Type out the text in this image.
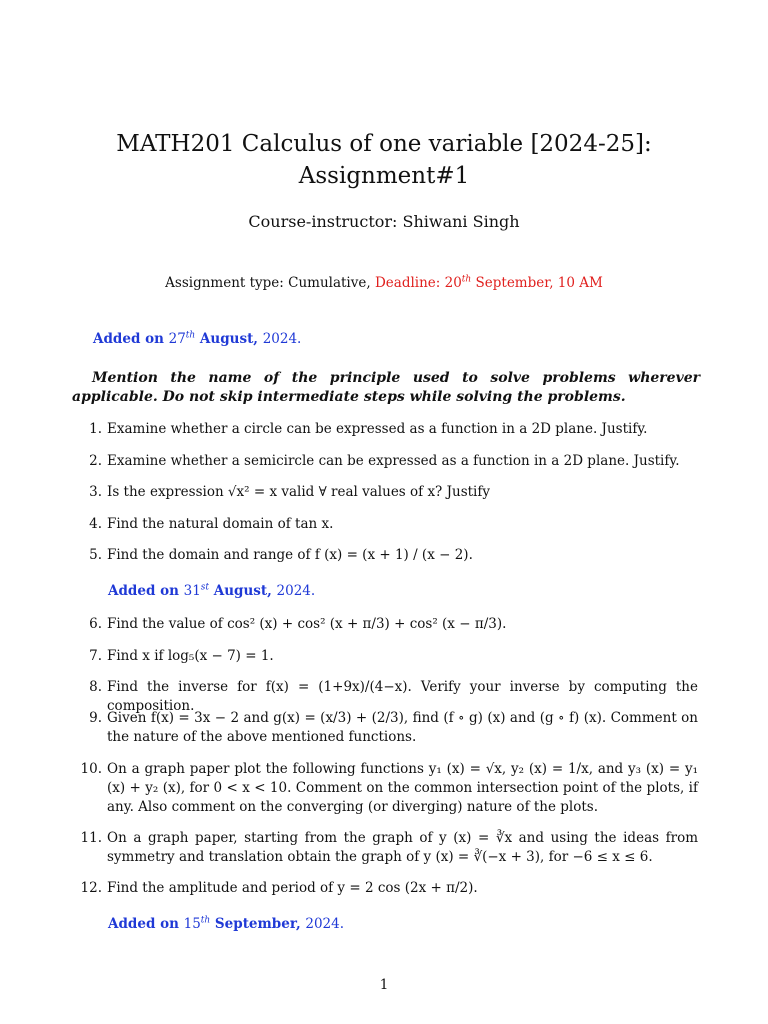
MATH201 Calculus of one variable [2024-25]:
Assignment#1
Course-instructor: Shiwani Singh
Assignment type: Cumulative, Deadline: 20th September, 10 AM
Added on 27th August, 2024.
Mention the name of the principle used to solve problems wherever applicable. Do not skip intermediate steps while solving the problems.
1. Examine whether a circle can be expressed as a function in a 2D plane. Justify.
2. Examine whether a semicircle can be expressed as a function in a 2D plane. Justify.
3. Is the expression √x² = x valid ∀ real values of x? Justify
4. Find the natural domain of tan x.
5. Find the domain and range of f (x) = (x + 1) / (x − 2).
Added on 31st August, 2024.
6. Find the value of cos² (x) + cos² (x + π/3) + cos² (x − π/3).
7. Find x if log₅(x − 7) = 1.
8. Find the inverse for f(x) = (1+9x)/(4−x). Verify your inverse by computing the composition.
9. Given f(x) = 3x − 2 and g(x) = (x/3) + (2/3), find (f ∘ g) (x) and (g ∘ f) (x). Comment on the nature of the above mentioned functions.
10. On a graph paper plot the following functions y₁ (x) = √x, y₂ (x) = 1/x, and y₃ (x) = y₁ (x) + y₂ (x), for 0 < x < 10. Comment on the common intersection point of the plots, if any. Also comment on the converging (or diverging) nature of the plots.
11. On a graph paper, starting from the graph of y (x) = ∛x and using the ideas from symmetry and translation obtain the graph of y (x) = ∛(−x + 3), for −6 ≤ x ≤ 6.
12. Find the amplitude and period of y = 2 cos (2x + π/2).
Added on 15th September, 2024.
1
